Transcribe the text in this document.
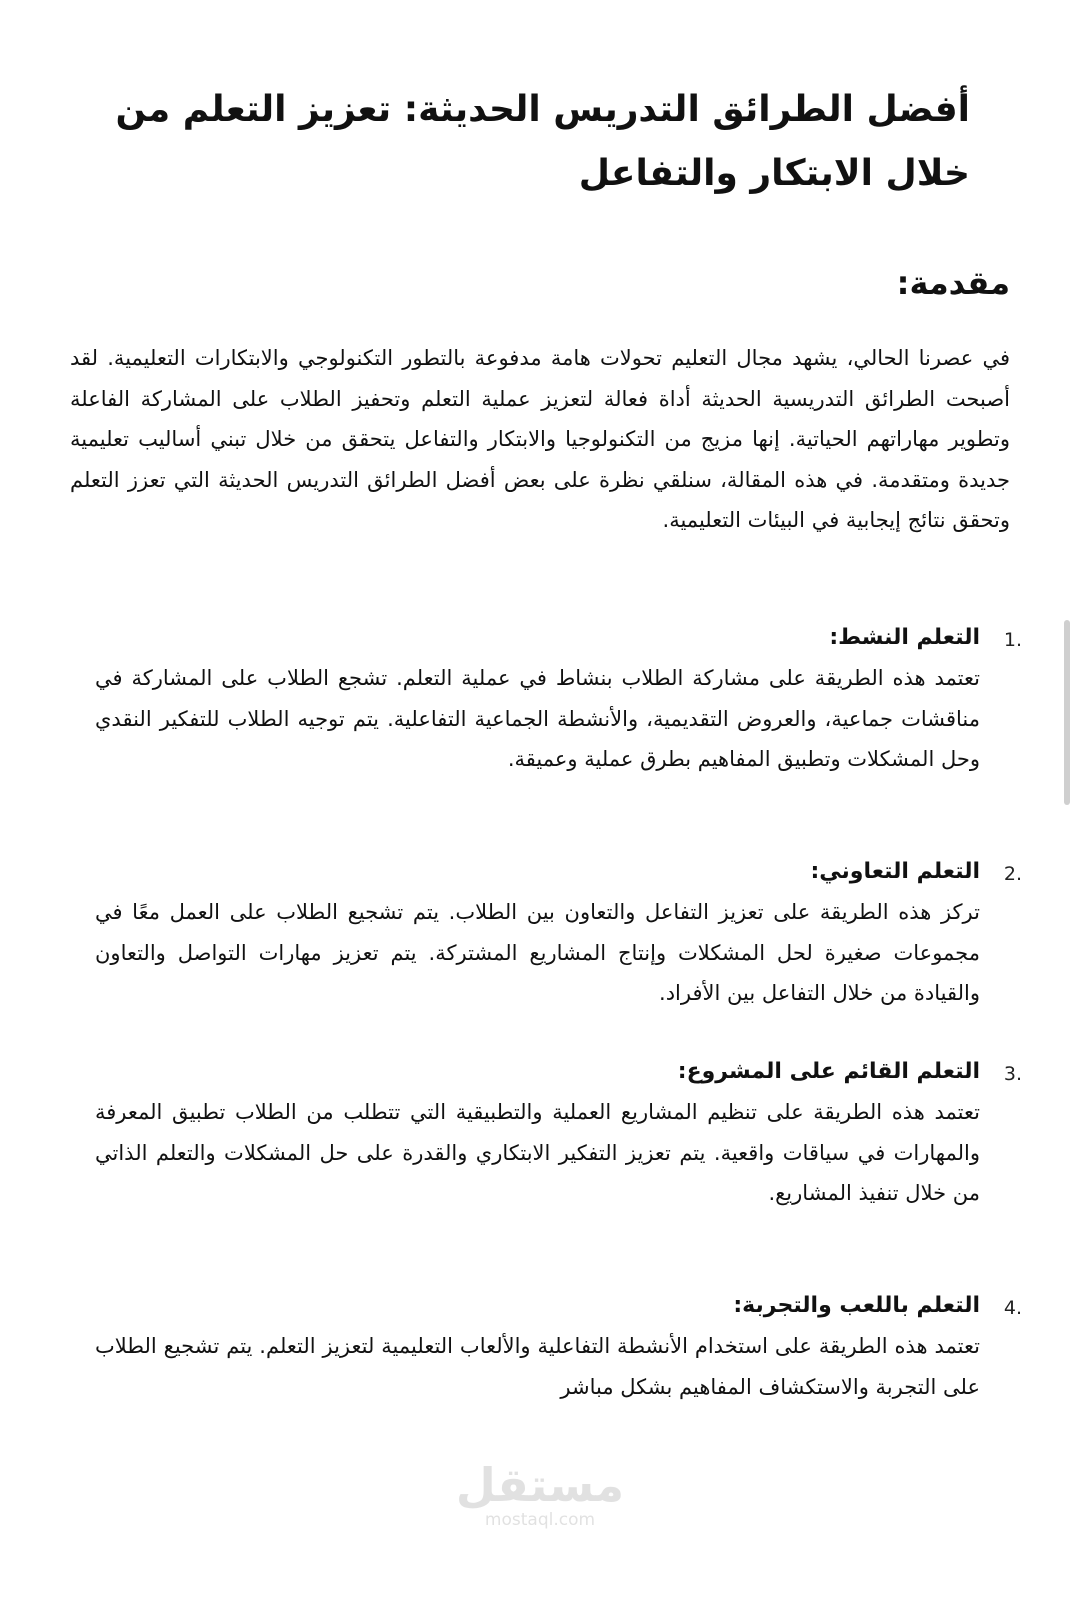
أفضل الطرائق التدريس الحديثة: تعزيز التعلم من خلال الابتكار والتفاعل
مقدمة:

في عصرنا الحالي، يشهد مجال التعليم تحولات هامة مدفوعة بالتطور التكنولوجي والابتكارات التعليمية. لقد أصبحت الطرائق التدريسية الحديثة أداة فعالة لتعزيز عملية التعلم وتحفيز الطلاب على المشاركة الفاعلة وتطوير مهاراتهم الحياتية. إنها مزيج من التكنولوجيا والابتكار والتفاعل يتحقق من خلال تبني أساليب تعليمية جديدة ومتقدمة. في هذه المقالة، سنلقي نظرة على بعض أفضل الطرائق التدريس الحديثة التي تعزز التعلم وتحقق نتائج إيجابية في البيئات التعليمية.

1.
التعلم النشط:

تعتمد هذه الطريقة على مشاركة الطلاب بنشاط في عملية التعلم. تشجع الطلاب على المشاركة في مناقشات جماعية، والعروض التقديمية، والأنشطة الجماعية التفاعلية. يتم توجيه الطلاب للتفكير النقدي وحل المشكلات وتطبيق المفاهيم بطرق عملية وعميقة.

2.
التعلم التعاوني:

تركز هذه الطريقة على تعزيز التفاعل والتعاون بين الطلاب. يتم تشجيع الطلاب على العمل معًا في مجموعات صغيرة لحل المشكلات وإنتاج المشاريع المشتركة. يتم تعزيز مهارات التواصل والتعاون والقيادة من خلال التفاعل بين الأفراد.

3.
التعلم القائم على المشروع:

تعتمد هذه الطريقة على تنظيم المشاريع العملية والتطبيقية التي تتطلب من الطلاب تطبيق المعرفة والمهارات في سياقات واقعية. يتم تعزيز التفكير الابتكاري والقدرة على حل المشكلات والتعلم الذاتي من خلال تنفيذ المشاريع.

4.
التعلم باللعب والتجربة:

تعتمد هذه الطريقة على استخدام الأنشطة التفاعلية والألعاب التعليمية لتعزيز التعلم. يتم تشجيع الطلاب على التجربة والاستكشاف المفاهيم بشكل مباشر

مستقل
mostaql.com
